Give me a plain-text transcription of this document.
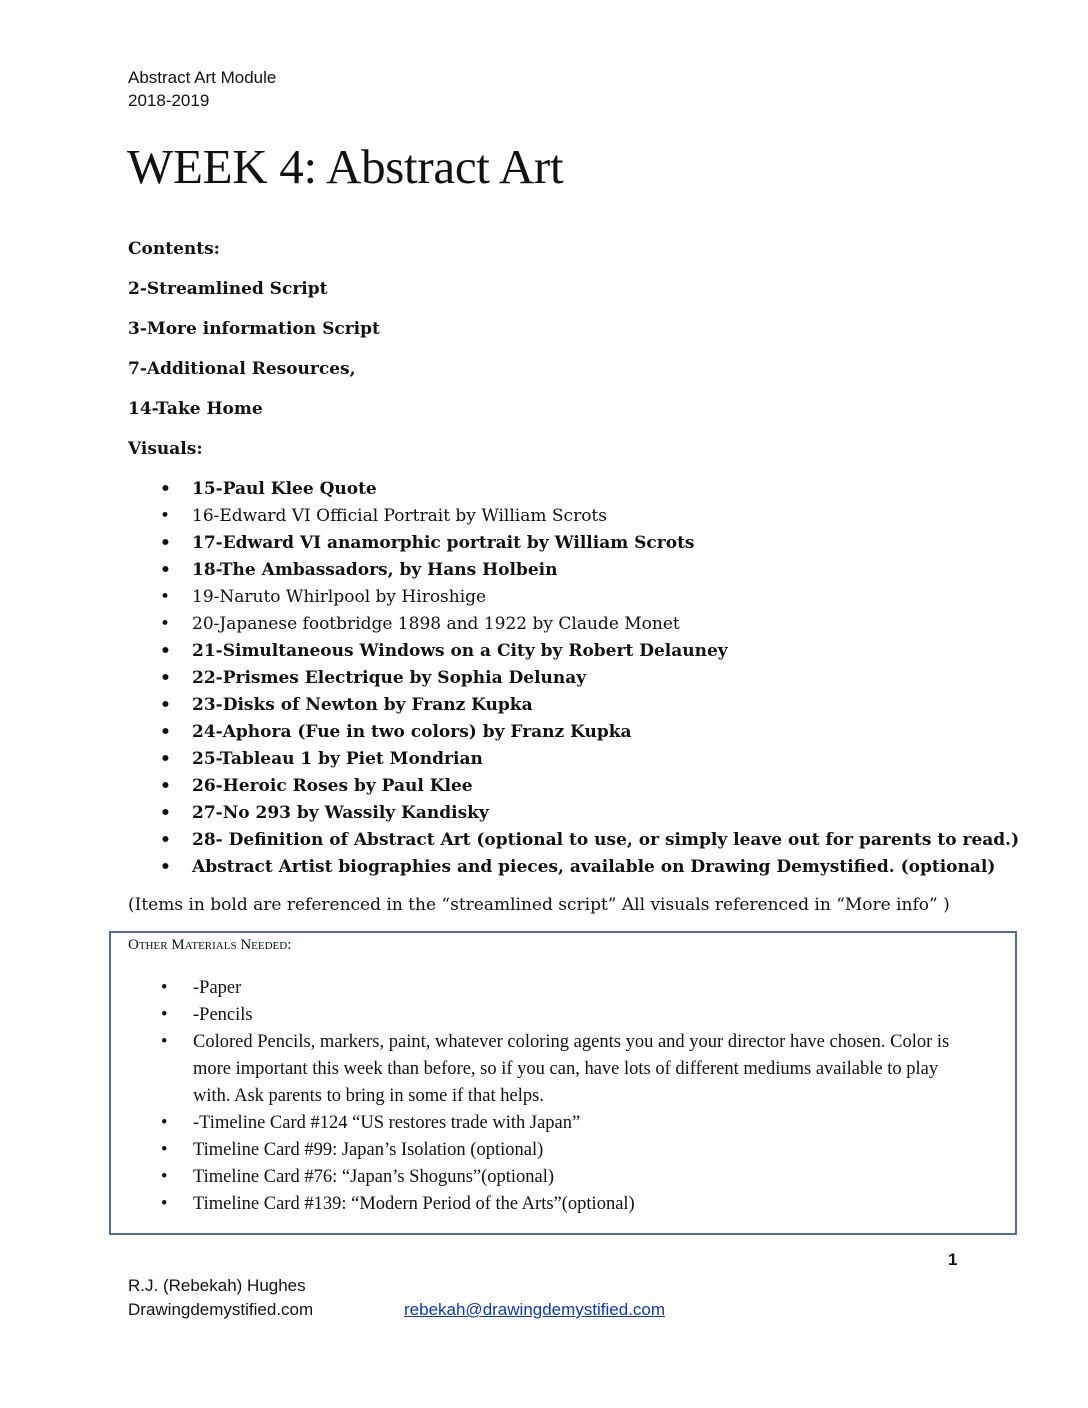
Abstract Art Module
2018-2019
WEEK 4: Abstract Art
Contents:
2-Streamlined Script
3-More information Script
7-Additional Resources,
14-Take Home
Visuals:
• 15-Paul Klee Quote
• 16-Edward VI Official Portrait by William Scrots
• 17-Edward VI anamorphic portrait by William Scrots
• 18-The Ambassadors, by Hans Holbein
• 19-Naruto Whirlpool by Hiroshige
• 20-Japanese footbridge 1898 and 1922 by Claude Monet
• 21-Simultaneous Windows on a City by Robert Delauney
• 22-Prismes Electrique by Sophia Delunay
• 23-Disks of Newton by Franz Kupka
• 24-Aphora (Fue in two colors) by Franz Kupka
• 25-Tableau 1 by Piet Mondrian
• 26-Heroic Roses by Paul Klee
• 27-No 293 by Wassily Kandisky
• 28- Definition of Abstract Art (optional to use, or simply leave out for parents to read.)
• Abstract Artist biographies and pieces, available on Drawing Demystified. (optional)
(Items in bold are referenced in the “streamlined script” All visuals referenced in “More info” )
Other Materials Needed:
• -Paper
• -Pencils
• Colored Pencils, markers, paint, whatever coloring agents you and your director have chosen. Color is more important this week than before, so if you can, have lots of different mediums available to play with. Ask parents to bring in some if that helps.
• -Timeline Card #124 “US restores trade with Japan”
• Timeline Card #99: Japan’s Isolation (optional)
• Timeline Card #76: “Japan’s Shoguns”(optional)
• Timeline Card #139: “Modern Period of the Arts”(optional)
1
R.J. (Rebekah) Hughes
Drawingdemystified.com	rebekah@drawingdemystified.com
